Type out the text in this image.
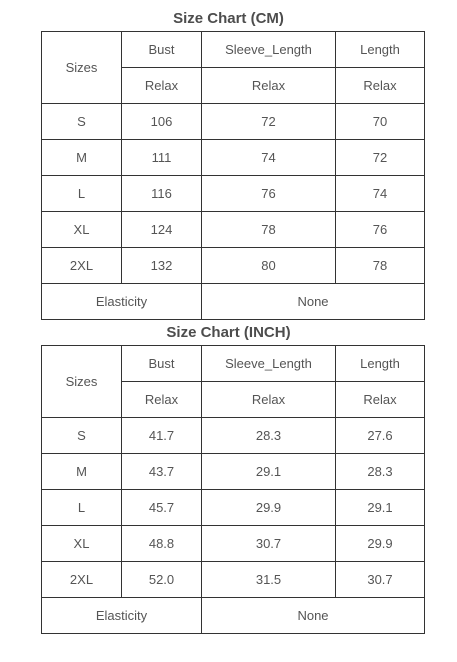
Size Chart (CM)
Sizes	Bust	Sleeve_Length	Length
	Relax	Relax	Relax
S	106	72	70
M	111	74	72
L	116	76	74
XL	124	78	76
2XL	132	80	78
Elasticity		None	
Size Chart (INCH)
Sizes	Bust	Sleeve_Length	Length
	Relax	Relax	Relax
S	41.7	28.3	27.6
M	43.7	29.1	28.3
L	45.7	29.9	29.1
XL	48.8	30.7	29.9
2XL	52.0	31.5	30.7
Elasticity		None	
